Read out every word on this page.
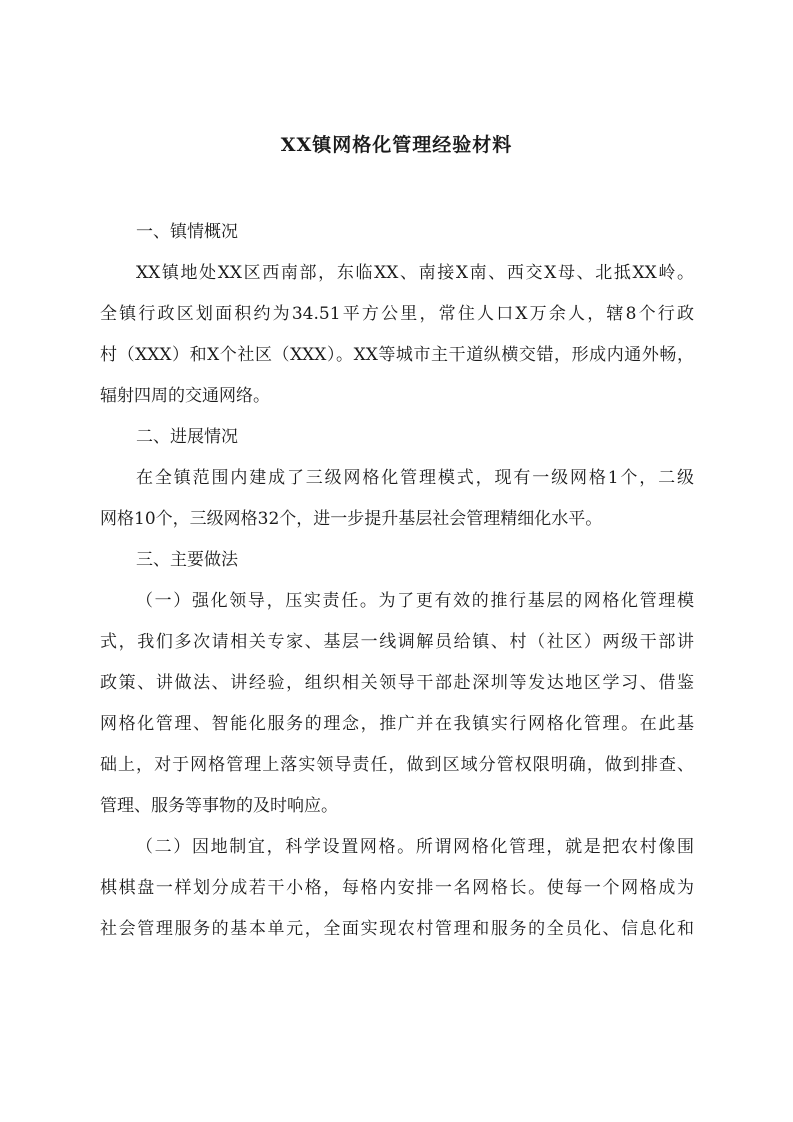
XX镇网格化管理经验材料
一、镇情概况
XX镇地处XX区西南部，东临XX、南接X南、西交X母、北抵XX岭。
全镇行政区划面积约为34.51平方公里，常住人口X万余人，辖8个行政
村（XXX）和X个社区（XXX）。XX等城市主干道纵横交错，形成内通外畅，
辐射四周的交通网络。
二、进展情况
在全镇范围内建成了三级网格化管理模式，现有一级网格1个，二级
网格10个，三级网格32个，进一步提升基层社会管理精细化水平。
三、主要做法
（一）强化领导，压实责任。为了更有效的推行基层的网格化管理模
式，我们多次请相关专家、基层一线调解员给镇、村（社区）两级干部讲
政策、讲做法、讲经验，组织相关领导干部赴深圳等发达地区学习、借鉴
网格化管理、智能化服务的理念，推广并在我镇实行网格化管理。在此基
础上，对于网格管理上落实领导责任，做到区域分管权限明确，做到排查、
管理、服务等事物的及时响应。
（二）因地制宜，科学设置网格。所谓网格化管理，就是把农村像围
棋棋盘一样划分成若干小格，每格内安排一名网格长。使每一个网格成为
社会管理服务的基本单元，全面实现农村管理和服务的全员化、信息化和
